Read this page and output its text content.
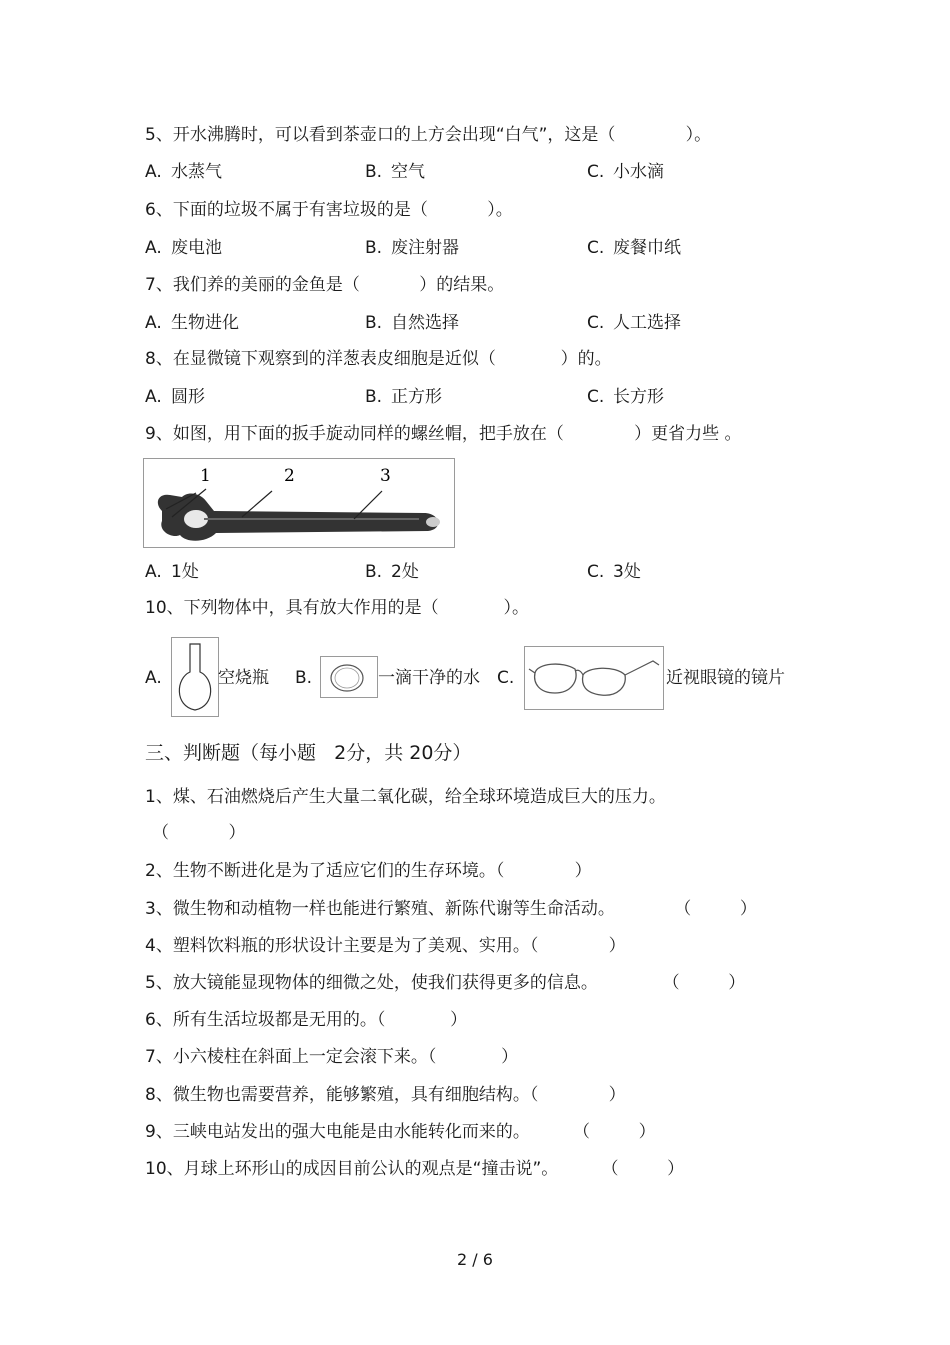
5、开水沸腾时，可以看到茶壶口的上方会出现“白气”，这是（             ）。
A. 水蒸气	B. 空气	C. 小水滴
6、下面的垃圾不属于有害垃圾的是（           ）。
A. 废电池	B. 废注射器	C. 废餐巾纸
7、我们养的美丽的金鱼是（           ）的结果。
A. 生物进化	B. 自然选择	C. 人工选择
8、在显微镜下观察到的洋葱表皮细胞是近似（            ）的。
A. 圆形	B. 正方形	C. 长方形
9、如图，用下面的扳手旋动同样的螺丝帽，把手放在（             ）更省力些 。
1	2	3
A. 1处	B. 2处	C. 3处
10、下列物体中，具有放大作用的是（            ）。
A.	空烧瓶 B.	一滴干净的水 C.	近视眼镜的镜片
三、判断题（每小题   2分，共 20分）
1、煤、石油燃烧后产生大量二氧化碳，给全球环境造成巨大的压力。
（           ）
2、生物不断进化是为了适应它们的生存环境。（             ）
3、微生物和动植物一样也能进行繁殖、新陈代谢等生命活动。           （         ）
4、塑料饮料瓶的形状设计主要是为了美观、实用。（             ）
5、放大镜能显现物体的细微之处，使我们获得更多的信息。            （         ）
6、所有生活垃圾都是无用的。（            ）
7、小六棱柱在斜面上一定会滚下来。（            ）
8、微生物也需要营养，能够繁殖，具有细胞结构。（             ）
9、三峡电站发出的强大电能是由水能转化而来的。        （         ）
10、月球上环形山的成因目前公认的观点是“撞击说”。        （         ）
2 / 6
